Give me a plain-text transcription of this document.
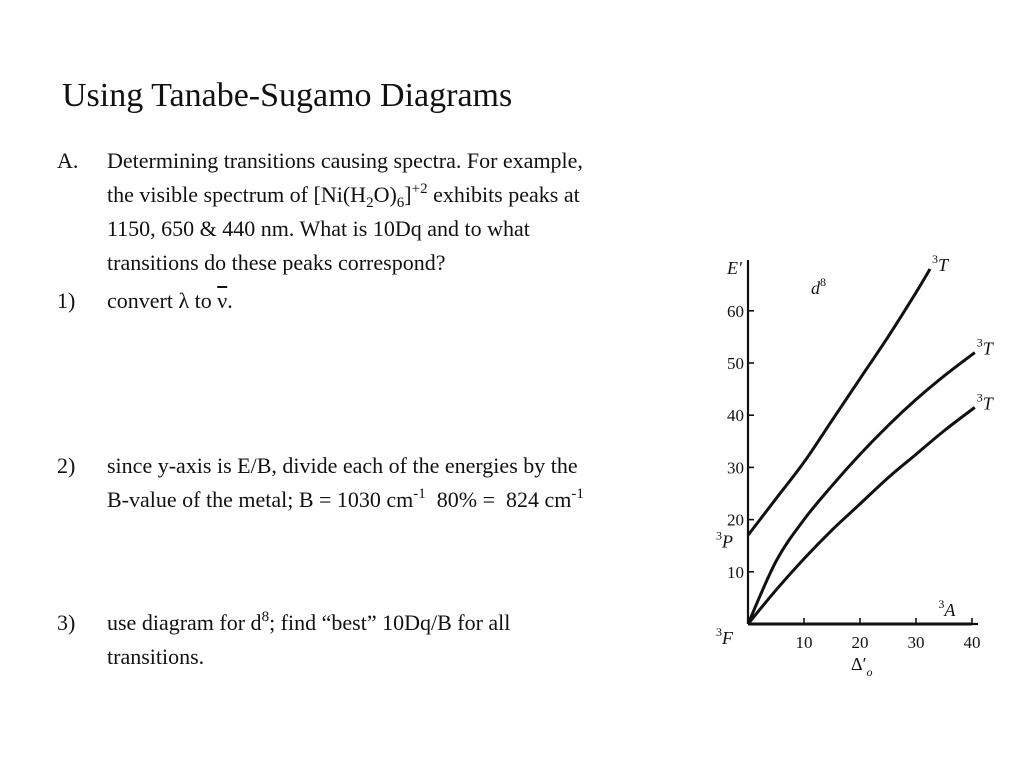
Using Tanabe-Sugamo Diagrams
A. Determining transitions causing spectra. For example,
the visible spectrum of $[Ni(H_2O)_6]^{+2}$ exhibits peaks at
1150, 650 & 440 nm. What is 10Dq and to what
transitions do these peaks correspond?
1) convert λ to $\overline{\nu}$.
2) since y-axis is E/B, divide each of the energies by the
B-value of the metal; B = 1030 $cm^{-1}$  80% =  824 $cm^{-1}$
3) use diagram for $d^8$; find “best” 10Dq/B for all
transitions.
10
20
30
40
50
60
10 20 30 40
E′
$\Delta'_o$
$d^8$
$^3$F
$^3$P
$^3$T
$^3$T
$^3$T
$^3$A
